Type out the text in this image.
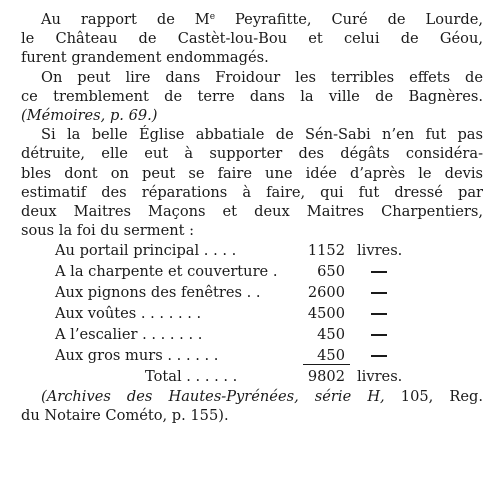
Au rapport de Me Peyrafitte, Curé de Lourde,
le Château de Castèt-lou-Bou et celui de Géou,
furent grandement endommagés.
On peut lire dans Froidour les terribles effets de
ce tremblement de terre dans la ville de Bagnères.
(Mémoires, p. 69.)
Si la belle Église abbatiale de Sén-Sabi n’en fut pas
détruite, elle eut à supporter des dégâts considéra-
bles dont on peut se faire une idée d’après le devis
estimatif des réparations à faire, qui fut dressé par
deux Maitres Maçons et deux Maitres Charpentiers,
sous la foi du serment :
Au portail principal . . . .	1152 livres.
A la charpente et couverture .	650
Aux pignons des fenêtres . .	2600
Aux voûtes . . . . . . .	4500
A l’escalier . . . . . . .	450
Aux gros murs . . . . . .	450
Total . . . . . .	9802 livres.
(Archives des Hautes-Pyrénées, série H, 105, Reg.
du Notaire Cométo, p. 155).
